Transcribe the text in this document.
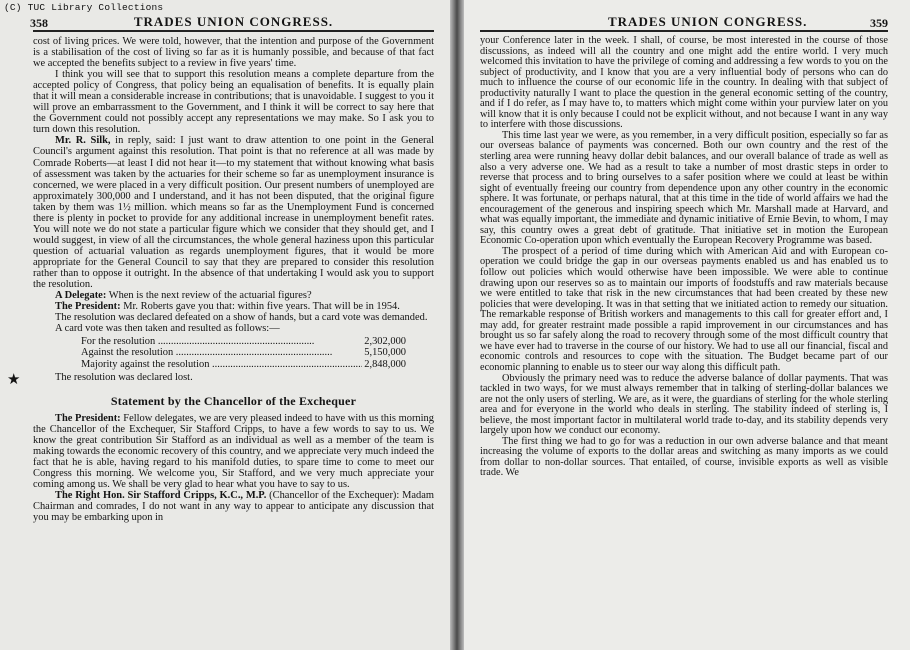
358	TRADES UNION CONGRESS.

cost of living prices. We were told, however, that the intention and purpose of the Government is a stabilisation of the cost of living so far as it is humanly possible, and because of that fact we accepted the benefits subject to a review in five years' time.

I think you will see that to support this resolution means a complete departure from the accepted policy of Congress, that policy being an equalisation of benefits. It is equally plain that it will mean a considerable increase in contributions; that is unavoidable. I suggest to you it will prove an embarrassment to the Government, and I think it will be correct to say here that the Government could not possibly accept any representations we may make. So I ask you to turn down this resolution.

Mr. R. Silk, in reply, said: I just want to draw attention to one point in the General Council's argument against this resolution. That point is that no reference at all was made by Comrade Roberts—at least I did not hear it—to my statement that without knowing what basis of assessment was taken by the actuaries for their scheme so far as unemployment insurance is concerned, we were placed in a very difficult position. Our present numbers of unemployed are approximately 300,000 and I understand, and it has not been disputed, that the original figure taken by them was 1½ million. which means so far as the Unemployment Fund is concerned there is plenty in pocket to provide for any additional increase in unemployment benefit rates. You will note we do not state a particular figure which we consider that they should get, and I would suggest, in view of all the circumstances, the whole general haziness upon this particular question of actuarial valuation as regards unemployment figures, that it would be more appropriate for the General Council to say that they are prepared to consider this resolution rather than to oppose it outright. In the absence of that undertaking I would ask you to support the resolution.

A Delegate: When is the next review of the actuarial figures?

The President: Mr. Roberts gave you that: within five years. That will be in 1954.

The resolution was declared defeated on a show of hands, but a card vote was demanded.

A card vote was then taken and resulted as follows:—

For the resolution .....	2,302,000
Against the resolution .....	5,150,000
Majority against the resolution .....	2,848,000
★	The resolution was declared lost.

Statement by the Chancellor of the Exchequer

The President: Fellow delegates, we are very pleased indeed to have with us this morning the Chancellor of the Exchequer, Sir Stafford Cripps, to have a few words to say to us. We know the great contribution Sir Stafford as an individual as well as a member of the team is making towards the economic recovery of this country, and we appreciate very much indeed the fact that he is able, having regard to his manifold duties, to spare time to come to meet our Congress this morning. We welcome you, Sir Stafford, and we very much appreciate your coming among us. We shall be very glad to hear what you have to say to us.

The Right Hon. Sir Stafford Cripps, K.C., M.P. (Chancellor of the Exchequer): Madam Chairman and comrades, I do not want in any way to appear to anticipate any discussion that you may be embarking upon in

TRADES UNION CONGRESS.	359

your Conference later in the week. I shall, of course, be most interested in the course of those discussions, as indeed will all the country and one might add the entire world. I very much welcomed this invitation to have the privilege of coming and addressing a few words to you on the subject of productivity, and I know that you are a very influential body of persons who can do much to influence the course of our economic life in the country. In dealing with that subject of productivity naturally I want to place the question in the general economic setting of the country, and if I do refer, as I may have to, to matters which might come within your purview later on you will know that it is only because I could not be explicit without, and not because I want in any way to interfere with those discussions.

This time last year we were, as you remember, in a very difficult position, especially so far as our overseas balance of payments was concerned. Both our own country and the rest of the sterling area were running heavy dollar debit balances, and our overall balance of trade as well as also a very adverse one. We had as a result to take a number of most drastic steps in order to reverse that process and to bring ourselves to a safer position where we could at least be within sight of eventually freeing our country from dependence upon any other country in the economic sphere. It was fortunate, or perhaps natural, that at this time in the tide of world affairs we had the encouragement of the generous and inspiring speech which Mr. Marshall made at Harvard, and what was equally important, the immediate and dynamic initiative of Ernie Bevin, to whom, I may say, this country owes a great debt of gratitude. That initiative set in motion the European Economic Co-operation upon which eventually the European Recovery Programme was based.

The prospect of a period of time during which with American Aid and with European co-operation we could bridge the gap in our overseas payments enabled us and has enabled us to follow out policies which would otherwise have been impossible. We were able to continue drawing upon our reserves so as to maintain our imports of foodstuffs and raw materials because we were entitled to take that risk in the new circumstances that had been created by these new policies that were developing. It was in that setting that we initiated action to remedy our situation. The remarkable response of British workers and managements to this call for greater effort and, I may add, for greater restraint made possible a rapid improvement in our circumstances and has brought us so far safely along the road to recovery through some of the most difficult country that we have ever had to traverse in the course of our history. We had to use all our financial, fiscal and economic controls and resources to cope with the situation. The Budget became part of our economic planning to enable us to steer our way along this difficult path.

Obviously the primary need was to reduce the adverse balance of dollar payments. That was tackled in two ways, for we must always remember that in talking of sterling-dollar balances we are not the only users of sterling. We are, as it were, the guardians of sterling for the whole sterling area and for everyone in the world who deals in sterling. The stability indeed of sterling is, I believe, the most important factor in multilateral world trade to-day, and its stability depends very largely upon how we conduct our economy.

The first thing we had to go for was a reduction in our own adverse balance and that meant increasing the volume of exports to the dollar areas and switching as many imports as we could from dollar to non-dollar sources. That entailed, of course, invisible exports as well as visible trade. We

(C) TUC Library Collections
